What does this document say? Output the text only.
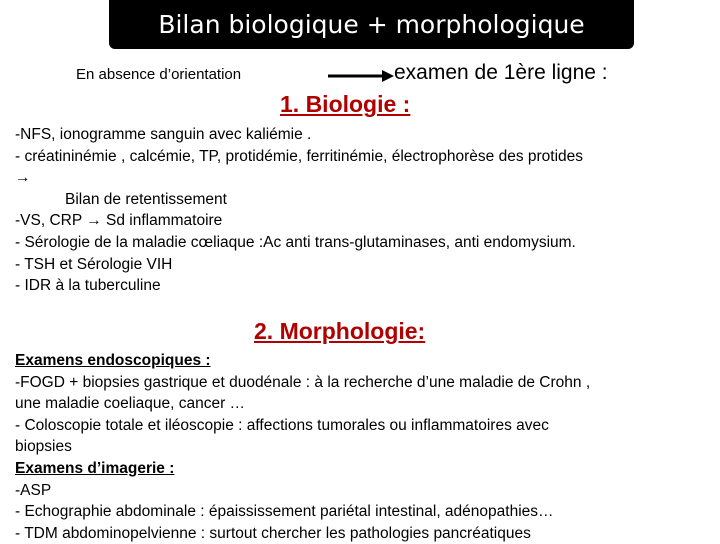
Bilan biologique + morphologique
En absence d’orientation	examen de 1ère ligne :
1. Biologie :
-NFS, ionogramme sanguin avec kaliémie .
- créatininémie , calcémie, TP, protidémie, ferritinémie, électrophorèse des protides
→
Bilan de retentissement
-VS, CRP → Sd inflammatoire
- Sérologie de la maladie cœliaque :Ac anti trans-glutaminases, anti endomysium.
- TSH et Sérologie VIH
- IDR à la tuberculine
2. Morphologie:
Examens endoscopiques :
-FOGD + biopsies gastrique et duodénale : à la recherche d’une maladie de Crohn ,
une maladie coeliaque, cancer …
- Coloscopie totale et iléoscopie : affections tumorales ou inflammatoires avec
biopsies
Examens d’imagerie :
-ASP
- Echographie abdominale : épaississement pariétal intestinal, adénopathies…
- TDM abdominopelvienne : surtout chercher les pathologies pancréatiques
